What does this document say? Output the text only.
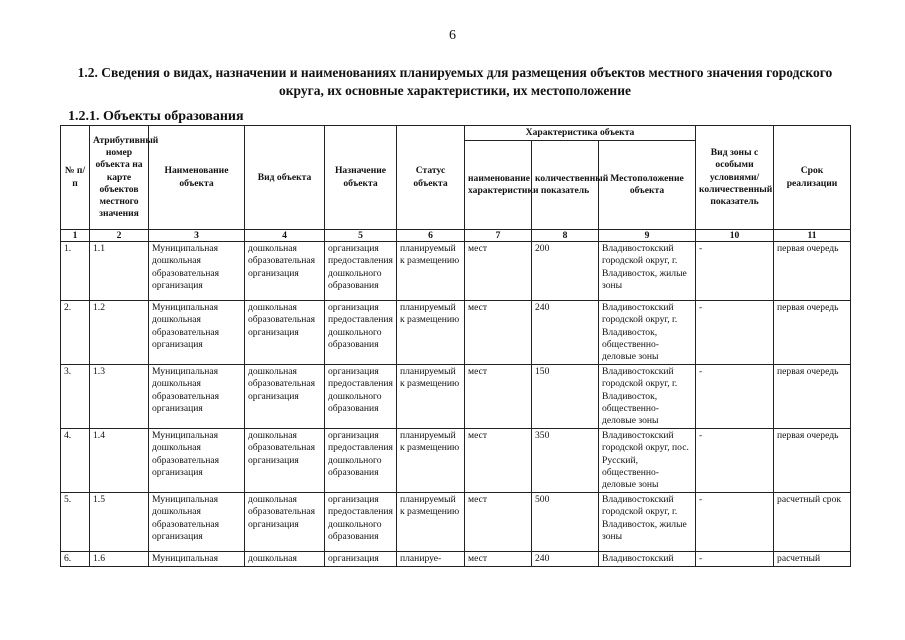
6
1.2. Сведения о видах, назначении и наименованиях планируемых для размещения объектов местного значения городского округа, их основные характеристики, их местоположение
1.2.1. Объекты образования
№ п/п	Атрибутивный номер объекта на карте объектов местного значения	Наименование объекта	Вид объекта	Назначение объекта	Статус объекта	Характеристика объекта			Вид зоны с особыми условиями/ количественный показатель	Срок реализации
						наименование характеристики	количественный показатель	Местоположение объекта		
1	2	3	4	5	6	7	8	9	10	11
1.	1.1	Муниципальная дошкольная образовательная организация	дошкольная образовательная организация	организация предоставления дошкольного образования	планируемый к размещению	мест	200	Владивостокский городской округ, г. Владивосток, жилые зоны	-	первая очередь
2.	1.2	Муниципальная дошкольная образовательная организация	дошкольная образовательная организация	организация предоставления дошкольного образования	планируемый к размещению	мест	240	Владивостокский городской округ, г. Владивосток, общественно-деловые зоны	-	первая очередь
3.	1.3	Муниципальная дошкольная образовательная организация	дошкольная образовательная организация	организация предоставления дошкольного образования	планируемый к размещению	мест	150	Владивостокский городской округ, г. Владивосток, общественно-деловые зоны	-	первая очередь
4.	1.4	Муниципальная дошкольная образовательная организация	дошкольная образовательная организация	организация предоставления дошкольного образования	планируемый к размещению	мест	350	Владивостокский городской округ, пос. Русский, общественно-деловые зоны	-	первая очередь
5.	1.5	Муниципальная дошкольная образовательная организация	дошкольная образовательная организация	организация предоставления дошкольного образования	планируемый к размещению	мест	500	Владивостокский городской округ, г. Владивосток, жилые зоны	-	расчетный срок
6.	1.6	Муниципальная	дошкольная	организация	планируе-	мест	240	Владивостокский	-	расчетный
